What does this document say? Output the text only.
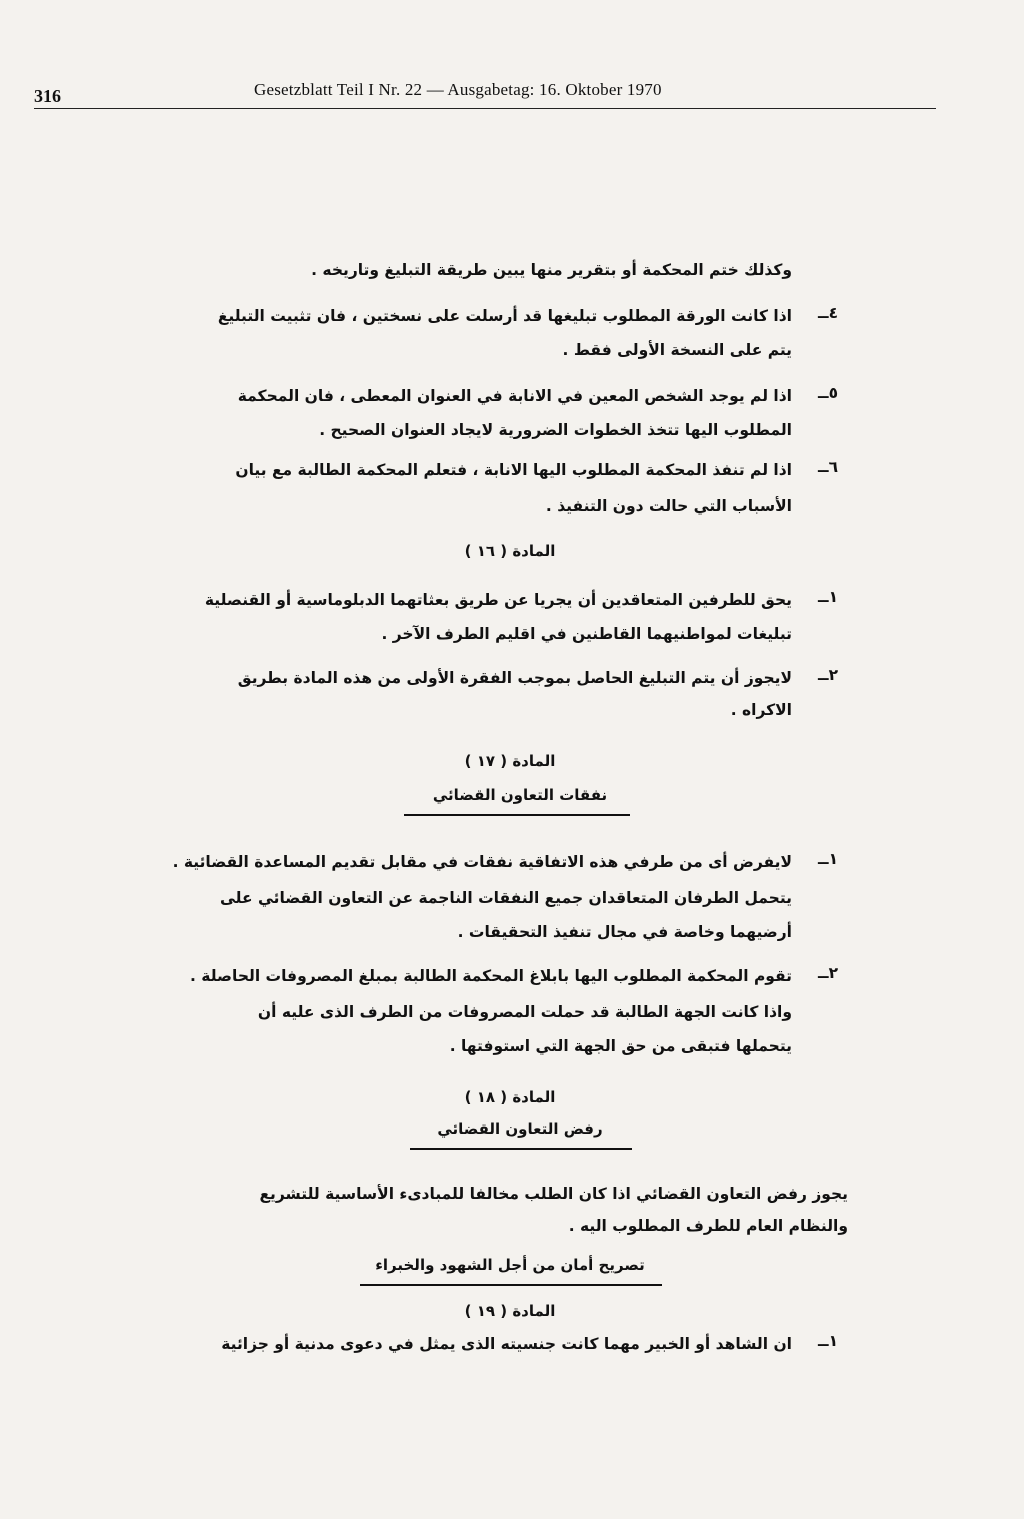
316	Gesetzblatt Teil I Nr. 22 — Ausgabetag: 16. Oktober 1970
وكذلك ختم المحكمة أو بتقرير منها يبين طريقة التبليغ وتاريخه .
٤ــ
اذا كانت الورقة المطلوب تبليغها قد أرسلت على نسختين ، فان تثبيت التبليغ
يتم على النسخة الأولى فقط .
٥ــ
اذا لم يوجد الشخص المعين في الانابة في العنوان المعطى ، فان المحكمة
المطلوب اليها تتخذ الخطوات الضرورية لايجاد العنوان الصحيح .
٦ــ
اذا لم تنفذ المحكمة المطلوب اليها الانابة ، فتعلم المحكمة الطالبة مع بيان
الأسباب التي حالت دون التنفيذ .
المادة ( ١٦ )
١ــ
يحق للطرفين المتعاقدين أن يجريا عن طريق بعثاتهما الدبلوماسية أو القنصلية
تبليغات لمواطنيهما القاطنين في اقليم الطرف الآخر .
٢ــ
لايجوز أن يتم التبليغ الحاصل بموجب الفقرة الأولى من هذه المادة بطريق
الاكراه .
المادة ( ١٧ )
نفقات التعاون القضائي
١ــ
لايفرض أى من طرفي هذه الاتفاقية نفقات في مقابل تقديم المساعدة القضائية .
يتحمل الطرفان المتعاقدان جميع النفقات الناجمة عن التعاون القضائي على
أرضيهما وخاصة في مجال تنفيذ التحقيقات .
٢ــ
تقوم المحكمة المطلوب اليها بابلاغ المحكمة الطالبة بمبلغ المصروفات الحاصلة .
واذا كانت الجهة الطالبة قد حملت المصروفات من الطرف الذى عليه أن
يتحملها فتبقى من حق الجهة التي استوفتها .
المادة ( ١٨ )
رفض التعاون القضائي
يجوز رفض التعاون القضائي اذا كان الطلب مخالفا للمبادىء الأساسية للتشريع
والنظام العام للطرف المطلوب اليه .
تصريح أمان من أجل الشهود والخبراء
المادة ( ١٩ )
١ــ
ان الشاهد أو الخبير مهما كانت جنسيته الذى يمثل في دعوى مدنية أو جزائية
